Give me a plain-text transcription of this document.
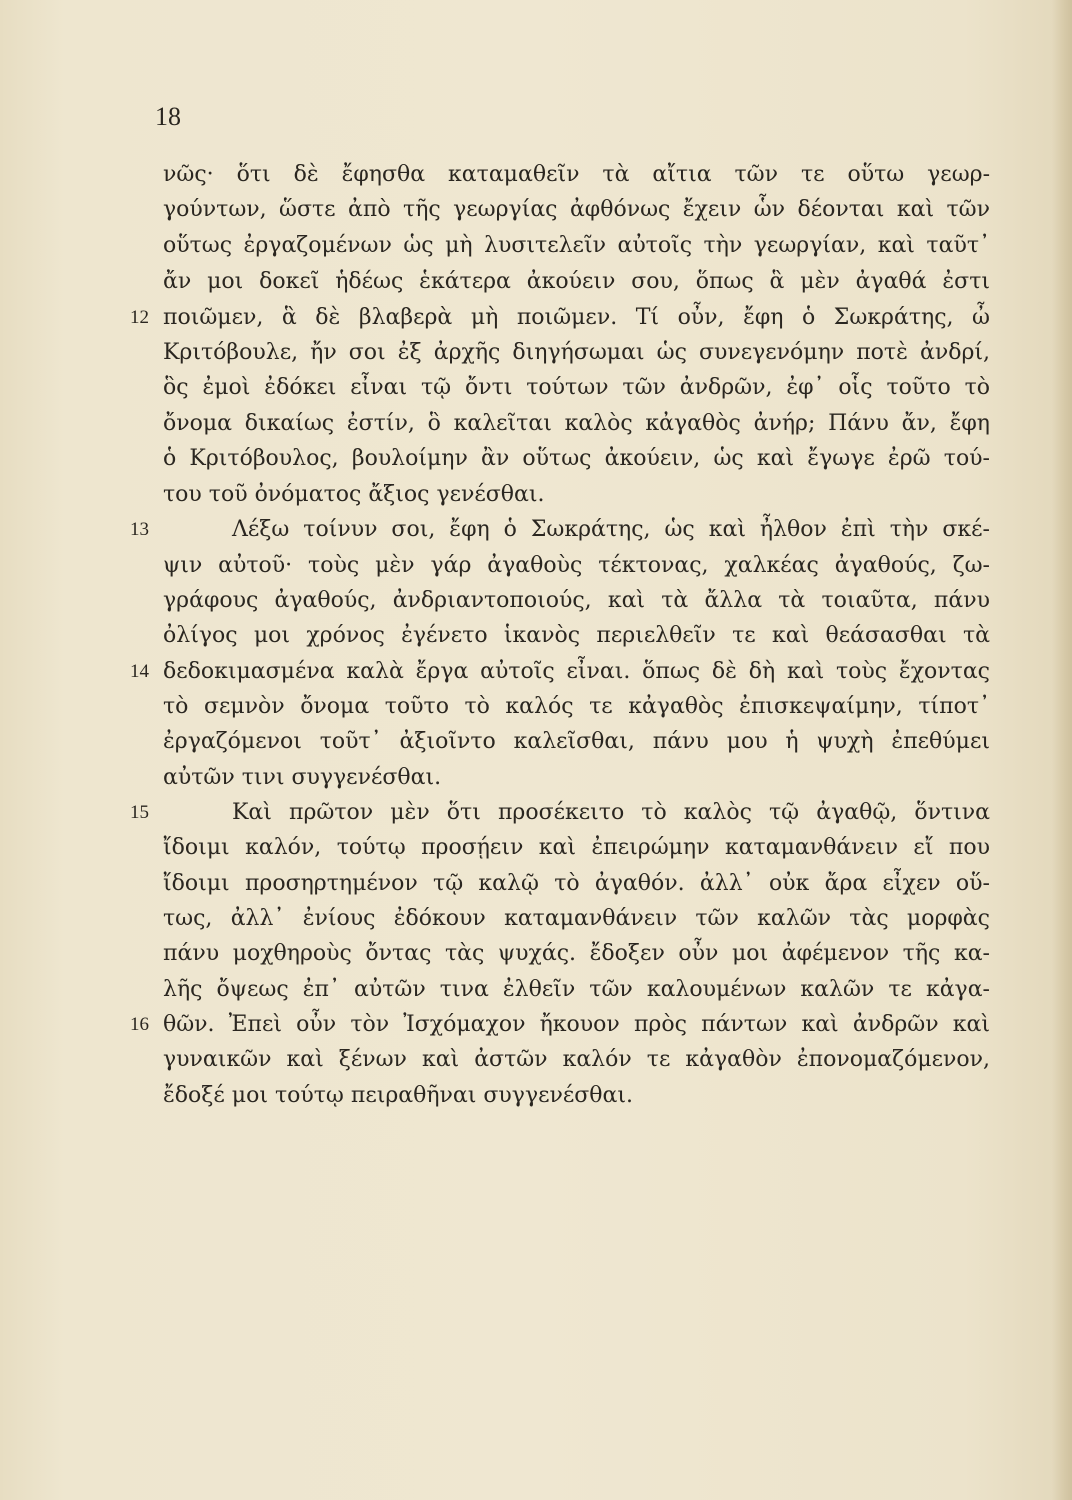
18
νῶς· ὅτι δὲ ἔφησθα καταμαθεῖν τὰ αἴτια τῶν τε οὕτω γεωρ-
γούντων, ὥστε ἀπὸ τῆς γεωργίας ἀφθόνως ἔχειν ὧν δέονται καὶ τῶν
οὕτως ἐργαζομένων ὡς μὴ λυσιτελεῖν αὐτοῖς τὴν γεωργίαν, καὶ ταῦτ᾿
ἄν μοι δοκεῖ ἡδέως ἑκάτερα ἀκούειν σου, ὅπως ἃ μὲν ἀγαθά ἐστι
12 ποιῶμεν, ἃ δὲ βλαβερὰ μὴ ποιῶμεν. Τί οὖν, ἔφη ὁ Σωκράτης, ὦ
Κριτόβουλε, ἤν σοι ἐξ ἀρχῆς διηγήσωμαι ὡς συνεγενόμην ποτὲ ἀνδρί,
ὃς ἐμοὶ ἐδόκει εἶναι τῷ ὄντι τούτων τῶν ἀνδρῶν, ἐφ᾿ οἷς τοῦτο τὸ
ὄνομα δικαίως ἐστίν, ὃ καλεῖται καλὸς κἀγαθὸς ἀνήρ; Πάνυ ἄν, ἔφη
ὁ Κριτόβουλος, βουλοίμην ἂν οὕτως ἀκούειν, ὡς καὶ ἔγωγε ἐρῶ τού-
του τοῦ ὀνόματος ἄξιος γενέσθαι.
13	Λέξω τοίνυν σοι, ἔφη ὁ Σωκράτης, ὡς καὶ ἦλθον ἐπὶ τὴν σκέ-
ψιν αὐτοῦ· τοὺς μὲν γάρ ἀγαθοὺς τέκτονας, χαλκέας ἀγαθούς, ζω-
γράφους ἀγαθούς, ἀνδριαντοποιούς, καὶ τὰ ἄλλα τὰ τοιαῦτα, πάνυ
ὀλίγος μοι χρόνος ἐγένετο ἱκανὸς περιελθεῖν τε καὶ θεάσασθαι τὰ
14 δεδοκιμασμένα καλὰ ἔργα αὐτοῖς εἶναι. ὅπως δὲ δὴ καὶ τοὺς ἔχοντας
τὸ σεμνὸν ὄνομα τοῦτο τὸ καλός τε κἀγαθὸς ἐπισκεψαίμην, τίποτ᾿
ἐργαζόμενοι τοῦτ᾿ ἀξιοῖντο καλεῖσθαι, πάνυ μου ἡ ψυχὴ ἐπεθύμει
αὐτῶν τινι συγγενέσθαι.
15	Καὶ πρῶτον μὲν ὅτι προσέκειτο τὸ καλὸς τῷ ἀγαθῷ, ὅντινα
ἴδοιμι καλόν, τούτῳ προσῄειν καὶ ἐπειρώμην καταμανθάνειν εἴ που
ἴδοιμι προσηρτημένον τῷ καλῷ τὸ ἀγαθόν. ἀλλ᾿ οὐκ ἄρα εἶχεν οὕ-
τως, ἀλλ᾿ ἐνίους ἐδόκουν καταμανθάνειν τῶν καλῶν τὰς μορφὰς
πάνυ μοχθηροὺς ὄντας τὰς ψυχάς. ἔδοξεν οὖν μοι ἀφέμενον τῆς κα-
λῆς ὄψεως ἐπ᾿ αὐτῶν τινα ἐλθεῖν τῶν καλουμένων καλῶν τε κἀγα-
16 θῶν. Ἐπεὶ οὖν τὸν Ἰσχόμαχον ἤκουον πρὸς πάντων καὶ ἀνδρῶν καὶ
γυναικῶν καὶ ξένων καὶ ἀστῶν καλόν τε κἀγαθὸν ἐπονομαζόμενον,
ἔδοξέ μοι τούτῳ πειραθῆναι συγγενέσθαι.
